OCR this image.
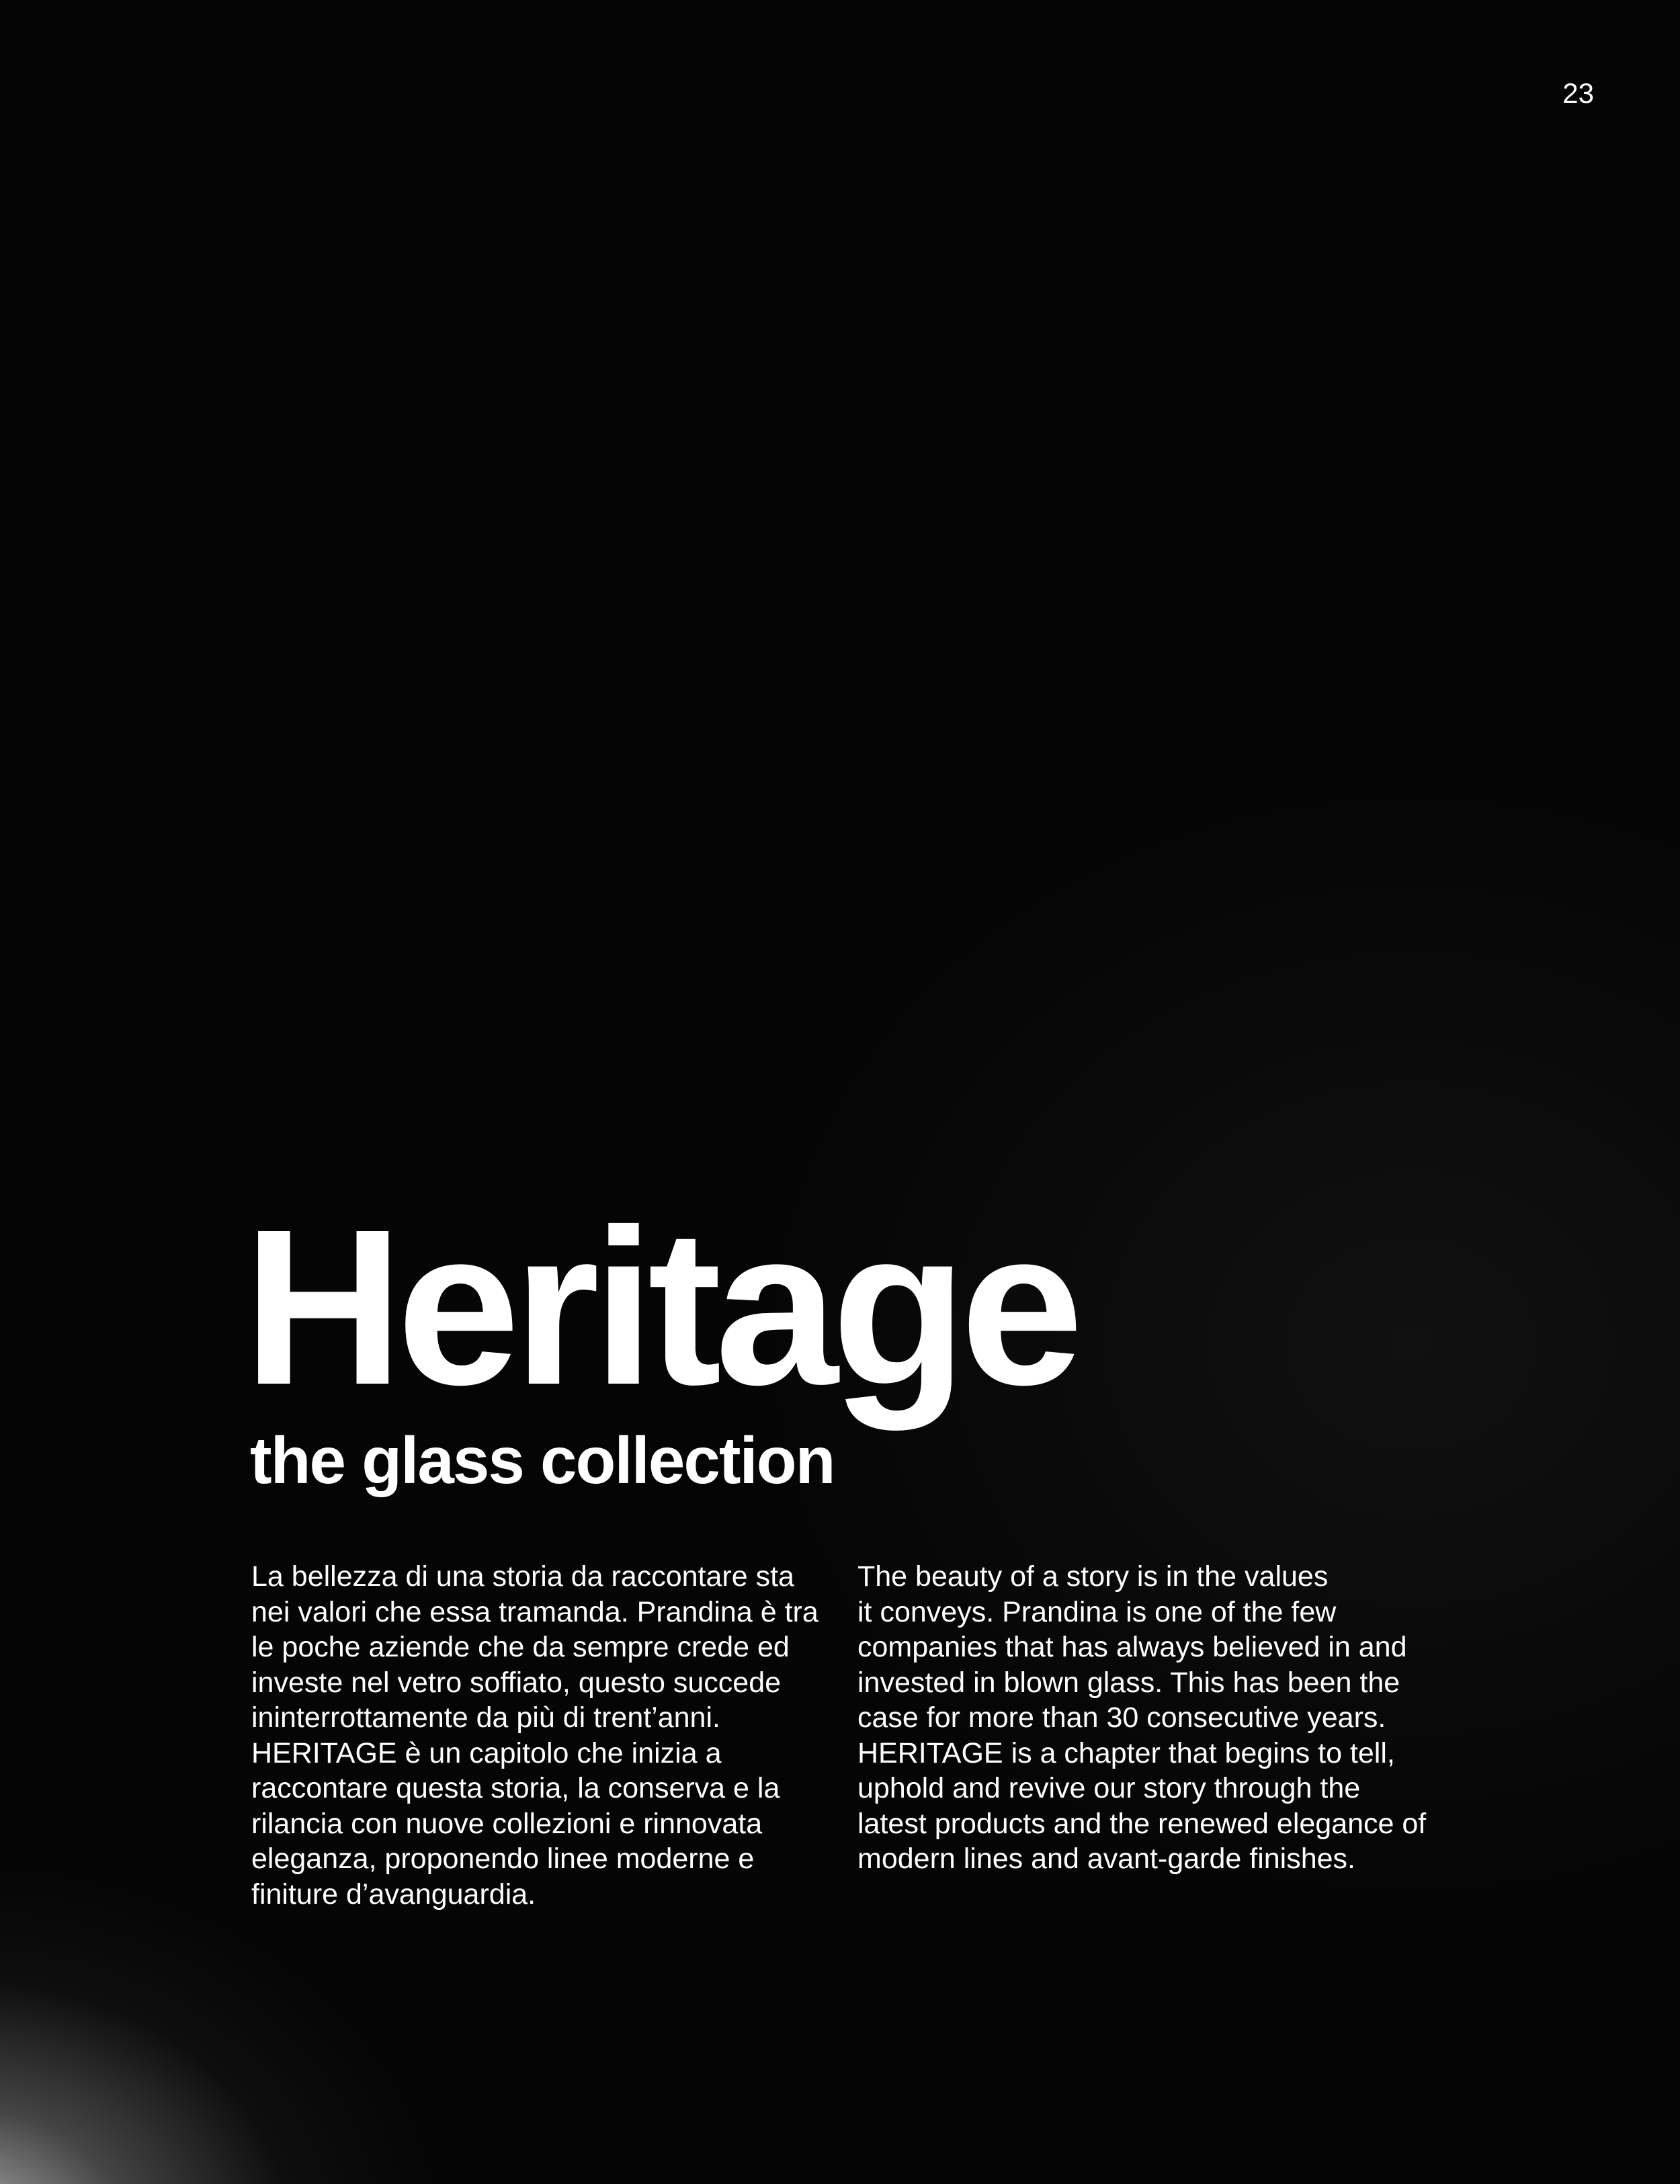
23
Heritage
the glass collection

La bellezza di una storia da raccontare sta
nei valori che essa tramanda. Prandina è tra
le poche aziende che da sempre crede ed
investe nel vetro soffiato, questo succede
ininterrottamente da più di trent’anni.
HERITAGE è un capitolo che inizia a
raccontare questa storia, la conserva e la
rilancia con nuove collezioni e rinnovata
eleganza, proponendo linee moderne e
finiture d’avanguardia.

The beauty of a story is in the values
it conveys. Prandina is one of the few
companies that has always believed in and
invested in blown glass. This has been the
case for more than 30 consecutive years.
HERITAGE is a chapter that begins to tell,
uphold and revive our story through the
latest products and the renewed elegance of
modern lines and avant-garde finishes.
